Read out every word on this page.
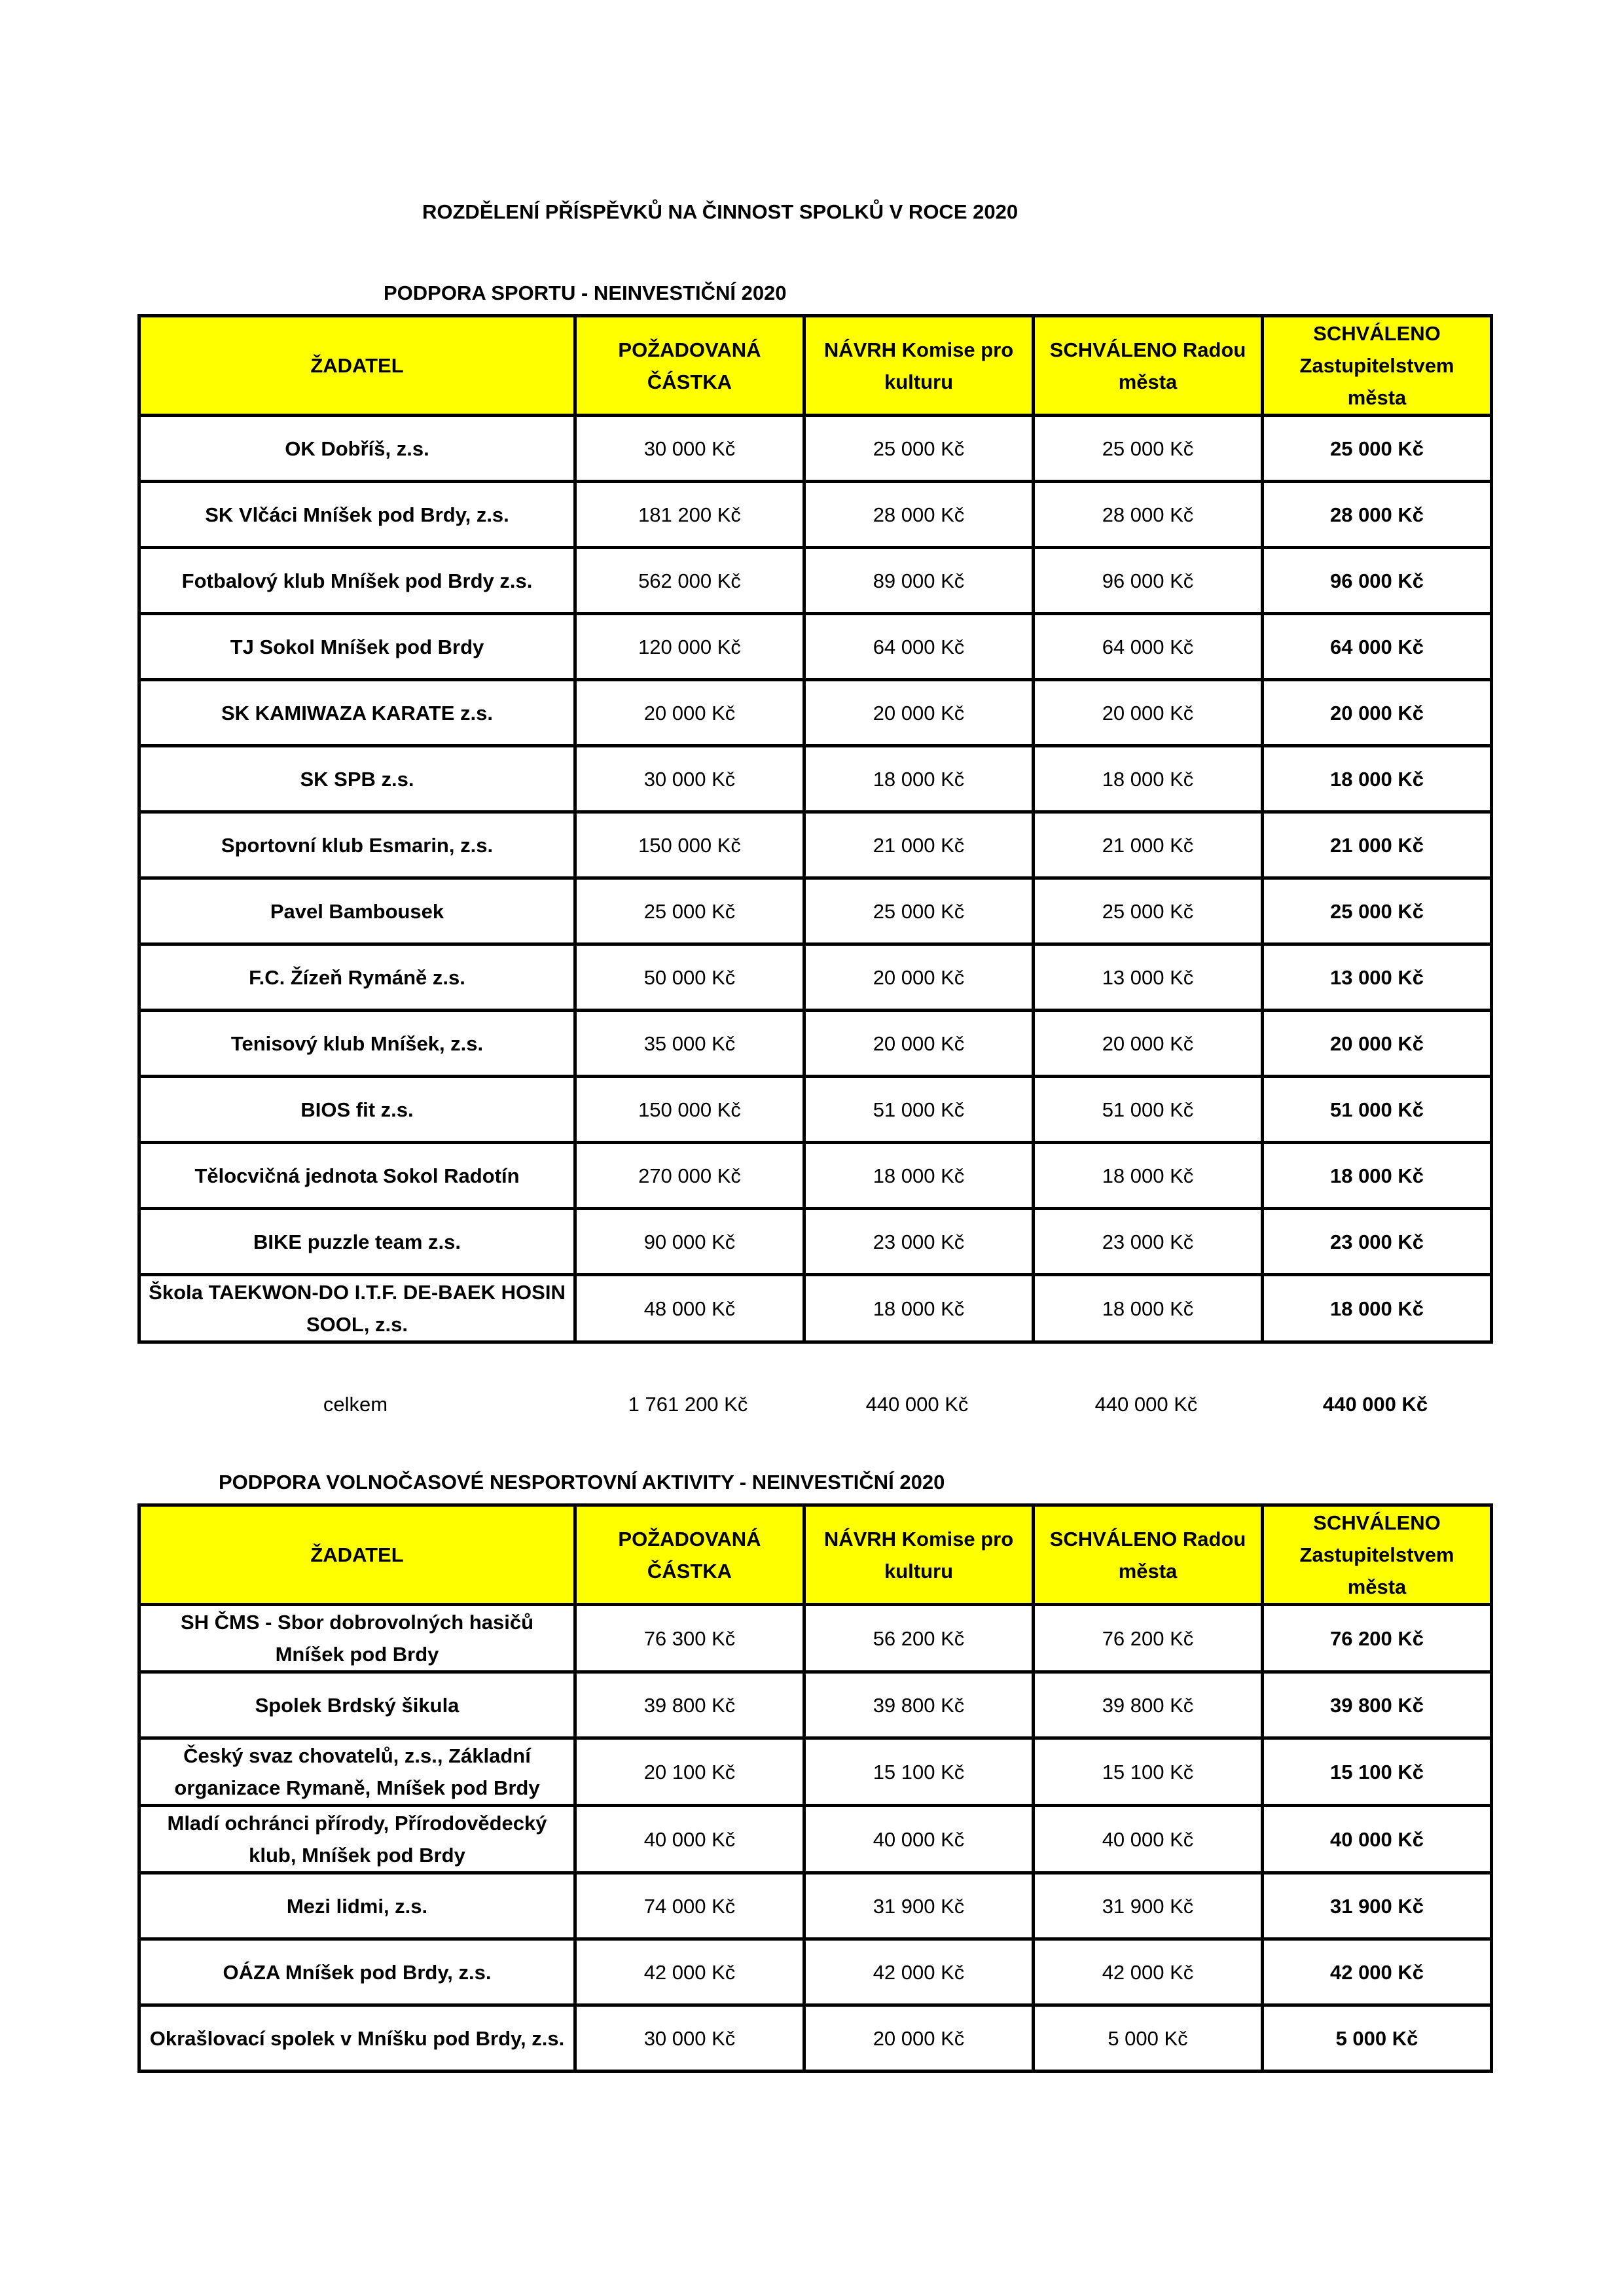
ROZDĚLENÍ PŘÍSPĚVKŮ NA ČINNOST SPOLKŮ V ROCE 2020
PODPORA SPORTU - NEINVESTIČNÍ 2020
ŽADATEL	POŽADOVANÁ ČÁSTKA	NÁVRH Komise pro kulturu	SCHVÁLENO Radou města	SCHVÁLENO Zastupitelstvem města
OK Dobříš, z.s.	30 000 Kč	25 000 Kč	25 000 Kč	25 000 Kč
SK Vlčáci Mníšek pod Brdy, z.s.	181 200 Kč	28 000 Kč	28 000 Kč	28 000 Kč
Fotbalový klub Mníšek pod Brdy z.s.	562 000 Kč	89 000 Kč	96 000 Kč	96 000 Kč
TJ Sokol Mníšek pod Brdy	120 000 Kč	64 000 Kč	64 000 Kč	64 000 Kč
SK KAMIWAZA KARATE z.s.	20 000 Kč	20 000 Kč	20 000 Kč	20 000 Kč
SK SPB z.s.	30 000 Kč	18 000 Kč	18 000 Kč	18 000 Kč
Sportovní klub Esmarin, z.s.	150 000 Kč	21 000 Kč	21 000 Kč	21 000 Kč
Pavel Bambousek	25 000 Kč	25 000 Kč	25 000 Kč	25 000 Kč
F.C. Žízeň Rymáně z.s.	50 000 Kč	20 000 Kč	13 000 Kč	13 000 Kč
Tenisový klub Mníšek, z.s.	35 000 Kč	20 000 Kč	20 000 Kč	20 000 Kč
BIOS fit z.s.	150 000 Kč	51 000 Kč	51 000 Kč	51 000 Kč
Tělocvičná jednota Sokol Radotín	270 000 Kč	18 000 Kč	18 000 Kč	18 000 Kč
BIKE puzzle team z.s.	90 000 Kč	23 000 Kč	23 000 Kč	23 000 Kč
Škola TAEKWON-DO I.T.F. DE-BAEK HOSIN SOOL, z.s.	48 000 Kč	18 000 Kč	18 000 Kč	18 000 Kč
celkem	1 761 200 Kč	440 000 Kč	440 000 Kč	440 000 Kč
PODPORA VOLNOČASOVÉ NESPORTOVNÍ AKTIVITY - NEINVESTIČNÍ 2020
ŽADATEL	POŽADOVANÁ ČÁSTKA	NÁVRH Komise pro kulturu	SCHVÁLENO Radou města	SCHVÁLENO Zastupitelstvem města
SH ČMS - Sbor dobrovolných hasičů Mníšek pod Brdy	76 300 Kč	56 200 Kč	76 200 Kč	76 200 Kč
Spolek Brdský šikula	39 800 Kč	39 800 Kč	39 800 Kč	39 800 Kč
Český svaz chovatelů, z.s., Základní organizace Rymaně, Mníšek pod Brdy	20 100 Kč	15 100 Kč	15 100 Kč	15 100 Kč
Mladí ochránci přírody, Přírodovědecký klub, Mníšek pod Brdy	40 000 Kč	40 000 Kč	40 000 Kč	40 000 Kč
Mezi lidmi, z.s.	74 000 Kč	31 900 Kč	31 900 Kč	31 900 Kč
OÁZA Mníšek pod Brdy, z.s.	42 000 Kč	42 000 Kč	42 000 Kč	42 000 Kč
Okrašlovací spolek v Mníšku pod Brdy, z.s.	30 000 Kč	20 000 Kč	5 000 Kč	5 000 Kč
